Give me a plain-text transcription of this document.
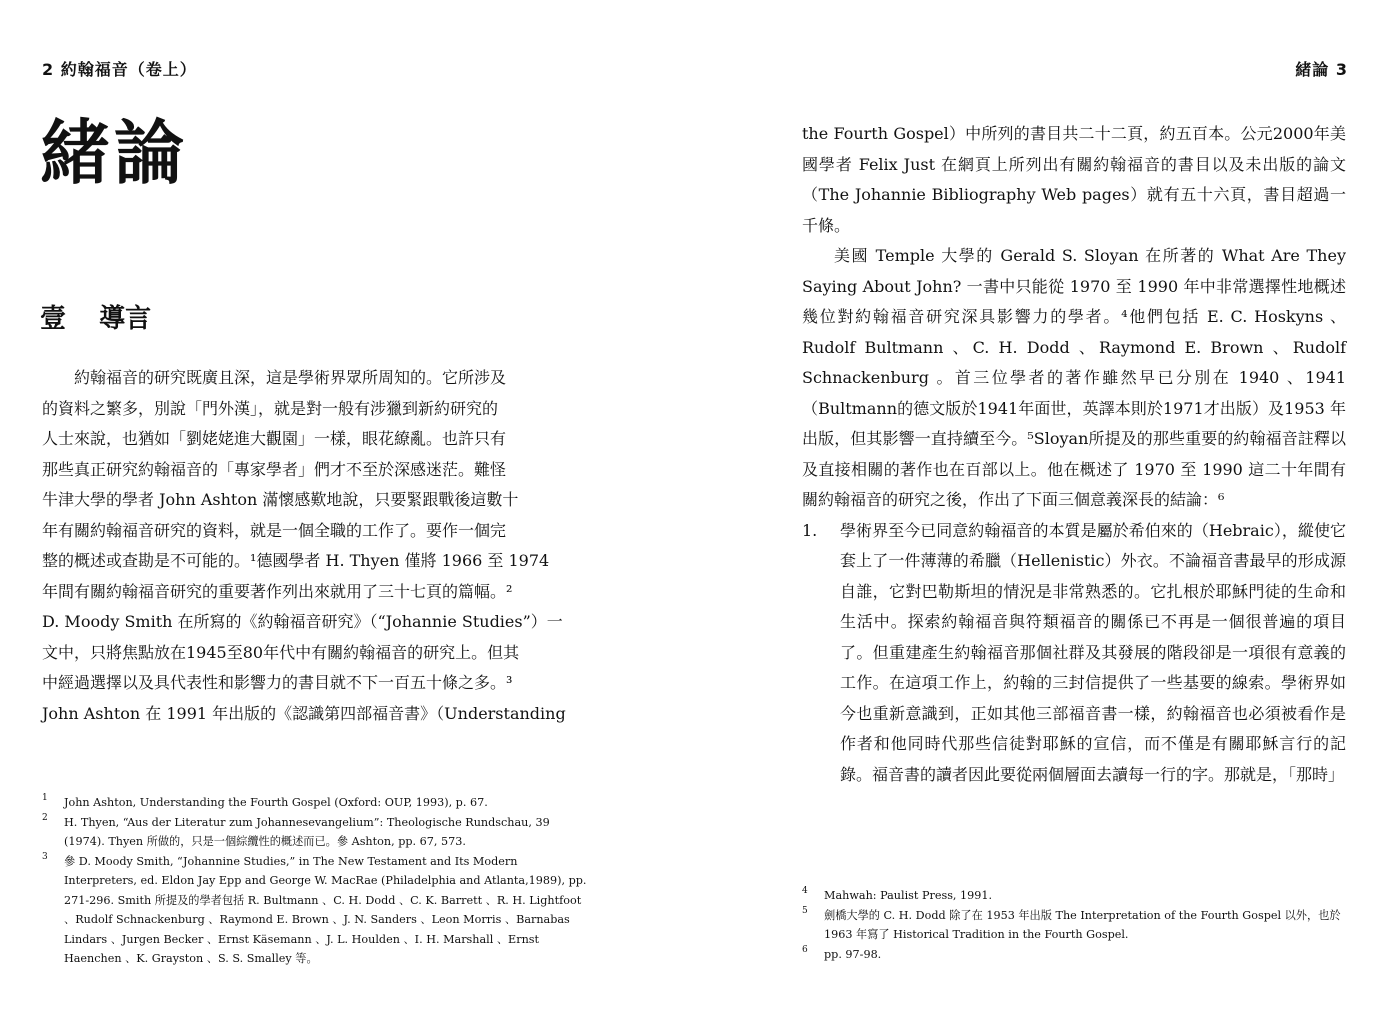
2 約翰福音（卷上）
緒論
壹 導言

約翰福音的研究既廣且深，這是學術界眾所周知的。它所涉及

的資料之繁多，別說「門外漢」，就是對一般有涉獵到新約研究的

人士來說，也猶如「劉姥姥進大觀園」一樣，眼花繚亂。也許只有

那些真正研究約翰福音的「專家學者」們才不至於深感迷茫。難怪

牛津大學的學者 John Ashton 滿懷感歎地說，只要緊跟戰後這數十

年有關約翰福音研究的資料，就是一個全職的工作了。要作一個完

整的概述或查勘是不可能的。¹德國學者 H. Thyen 僅將 1966 至 1974

年間有關約翰福音研究的重要著作列出來就用了三十七頁的篇幅。²

D. Moody Smith 在所寫的《約翰福音研究》（“Johannie Studies”）一

文中，只將焦點放在1945至80年代中有關約翰福音的研究上。但其

中經過選擇以及具代表性和影響力的書目就不下一百五十條之多。³

John Ashton 在 1991 年出版的《認識第四部福音書》（Understanding

1 John Ashton, Understanding the Fourth Gospel (Oxford: OUP, 1993), p. 67.
2 H. Thyen, “Aus der Literatur zum Johannesevangelium”: Theologische Rundschau, 39 (1974). Thyen 所做的，只是一個綜纜性的概述而已。參 Ashton, pp. 67, 573.
3 參 D. Moody Smith, “Johannine Studies,” in The New Testament and Its Modern Interpreters, ed. Eldon Jay Epp and George W. MacRae (Philadelphia and Atlanta,1989), pp. 271-296. Smith 所提及的學者包括 R. Bultmann 、C. H. Dodd 、C. K. Barrett 、R. H. Lightfoot 、Rudolf Schnackenburg 、Raymond E. Brown 、J. N. Sanders 、Leon Morris 、Barnabas Lindars 、Jurgen Becker 、Ernst Käsemann 、J. L. Houlden 、I. H. Marshall 、Ernst Haenchen 、K. Grayston 、S. S. Smalley 等。
緒論 3

the Fourth Gospel）中所列的書目共二十二頁，約五百本。公元2000年美國學者 Felix Just 在網頁上所列出有關約翰福音的書目以及未出版的論文（The Johannie Bibliography Web pages）就有五十六頁，書目超過一千條。

美國 Temple 大學的 Gerald S. Sloyan 在所著的 What Are They Saying About John? 一書中只能從 1970 至 1990 年中非常選擇性地概述幾位對約翰福音研究深具影響力的學者。⁴他們包括 E. C. Hoskyns 、Rudolf Bultmann 、C. H. Dodd 、Raymond E. Brown 、Rudolf Schnackenburg 。首三位學者的著作雖然早已分別在 1940 、1941（Bultmann的德文版於1941年面世，英譯本則於1971才出版）及1953 年出版，但其影響一直持續至今。⁵Sloyan所提及的那些重要的約翰福音註釋以及直接相關的著作也在百部以上。他在概述了 1970 至 1990 這二十年間有關約翰福音的研究之後，作出了下面三個意義深長的結論：⁶

1. 學術界至今已同意約翰福音的本質是屬於希伯來的（Hebraic），縱使它套上了一件薄薄的希臘（Hellenistic）外衣。不論福音書最早的形成源自誰，它對巴勒斯坦的情況是非常熟悉的。它扎根於耶穌門徒的生命和生活中。探索約翰福音與符類福音的關係已不再是一個很普遍的項目了。但重建產生約翰福音那個社群及其發展的階段卻是一項很有意義的工作。在這項工作上，約翰的三封信提供了一些基要的線索。學術界如今也重新意識到，正如其他三部福音書一樣，約翰福音也必須被看作是作者和他同時代那些信徒對耶穌的宣信，而不僅是有關耶穌言行的記錄。福音書的讀者因此要從兩個層面去讀每一行的字。那就是，「那時」
4 Mahwah: Paulist Press, 1991.
5 劍橋大學的 C. H. Dodd 除了在 1953 年出版 The Interpretation of the Fourth Gospel 以外，也於 1963 年寫了 Historical Tradition in the Fourth Gospel.
6 pp. 97-98.
